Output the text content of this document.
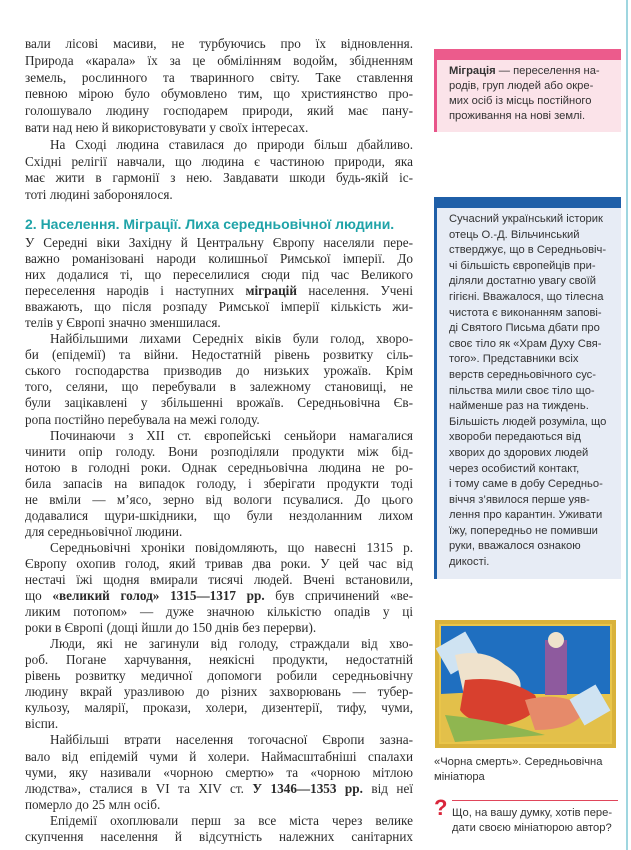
вали лісові масиви, не турбуючись про їх відновлення.
Природа «карала» їх за це обмілінням водойм, збідненням
земель, рослинного та тваринного світу. Таке ставлення
певною мірою було обумовлено тим, що християнство про-
голошувало людину господарем природи, який має пану-
вати над нею й використовувати у своїх інтересах.
На Сході людина ставилася до природи більш дбайливо.
Східні релігії навчали, що людина є частиною природи, яка
має жити в гармонії з нею. Завдавати шкоди будь-якій іс-
тоті людині заборонялося.
2. Населення. Міграції. Лиха середньовічної людини.
У Середні віки Західну й Центральну Європу населяли пере-
важно романізовані народи колишньої Римської імперії. До
них додалися ті, що переселилися сюди під час Великого
переселення народів і наступних міграцій населення. Учені
вважають, що після розпаду Римської імперії кількість жи-
телів у Європі значно зменшилася.
Найбільшими лихами Середніх віків були голод, хворо-
би (епідемії) та війни. Недостатній рівень розвитку сіль-
ського господарства призводив до низьких урожаїв. Крім
того, селяни, що перебували в залежному становищі, не
були зацікавлені у збільшенні врожаїв. Середньовічна Єв-
ропа постійно перебувала на межі голоду.
Починаючи з XII ст. європейські сеньйори намагалися
чинити опір голоду. Вони розподіляли продукти між бід-
нотою в голодні роки. Однак середньовічна людина не ро-
била запасів на випадок голоду, і зберігати продукти тоді
не вміли — м’ясо, зерно від вологи псувалися. До цього
додавалися щури-шкідники, що були нездоланним лихом
для середньовічної людини.
Середньовічні хроніки повідомляють, що навесні 1315 р.
Європу охопив голод, який тривав два роки. У цей час від
нестачі їжі щодня вмирали тисячі людей. Вчені встановили,
що «великий голод» 1315—1317 рр. був спричинений «ве-
ликим потопом» — дуже значною кількістю опадів у ці
роки в Європі (дощі йшли до 150 днів без перерви).
Люди, які не загинули від голоду, страждали від хво-
роб. Погане харчування, неякісні продукти, недостатній
рівень розвитку медичної допомоги робили середньовічну
людину вкрай уразливою до різних захворювань — тубер-
кульозу, малярії, прокази, холери, дизентерії, тифу, чуми,
віспи.
Найбільші втрати населення тогочасної Європи зазна-
вало від епідемій чуми й холери. Наймасштабніші спалахи
чуми, яку називали «чорною смертю» та «чорною мітлою
людства», сталися в VI та XIV ст. У 1346—1353 рр. від неї
померло до 25 млн осіб.
Епідемії охоплювали перш за все міста через велике
скупчення населення й відсутність належних санітарних
Міграція — переселення на-
родів, груп людей або окре-
мих осіб із місць постійного
проживання на нові землі.
Сучасний український історик
отець О.-Д. Вільчинський
стверджує, що в Середньовіч-
чі більшість європейців при-
діляли достатню увагу своїй
гігієні. Вважалося, що тілесна
чистота є виконанням запові-
ді Святого Письма дбати про
своє тіло як «Храм Духу Свя-
того». Представники всіх
верств середньовічного сус-
пільства мили своє тіло що-
найменше раз на тиждень.
Більшість людей розуміла, що
хвороби передаються від
хворих до здорових людей
через особистий контакт,
і тому саме в добу Середньо-
віччя з’явилося перше уяв-
лення про карантин. Уживати
їжу, попередньо не помивши
руки, вважалося ознакою
дикості.
«Чорна смерть». Середньовічна
мініатюра
? Що, на вашу думку, хотів пере-
дати своєю мініатюрою автор?
